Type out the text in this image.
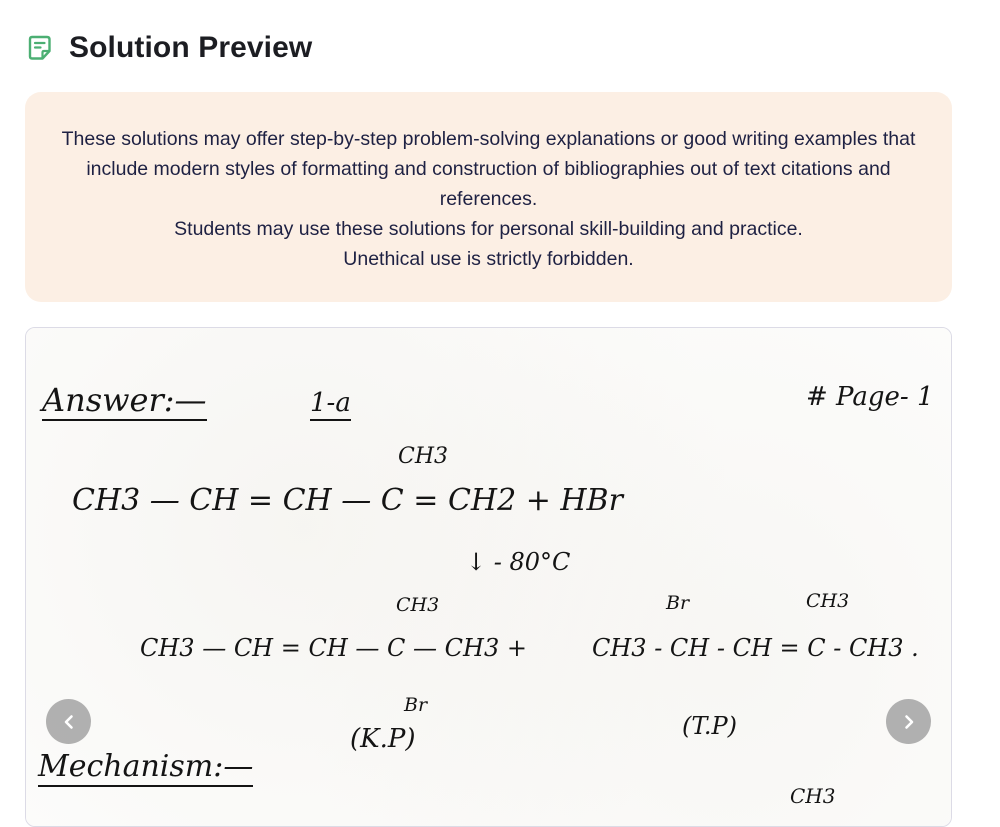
Solution Preview

These solutions may offer step-by-step problem-solving explanations or good writing examples that include modern styles of formatting and construction of bibliographies out of text citations and references.

Students may use these solutions for personal skill-building and practice.

Unethical use is strictly forbidden.

Answer:—	1-a	# Page- 1
CH3
CH3 — CH = CH — C = CH2 + HBr
↓ - 80°C
CH3
CH3 — CH = CH — C — CH3 +
Br
(K.P)
Br	CH3
CH3 - CH - CH = C - CH3 .
(T.P)
Mechanism:—
CH3
